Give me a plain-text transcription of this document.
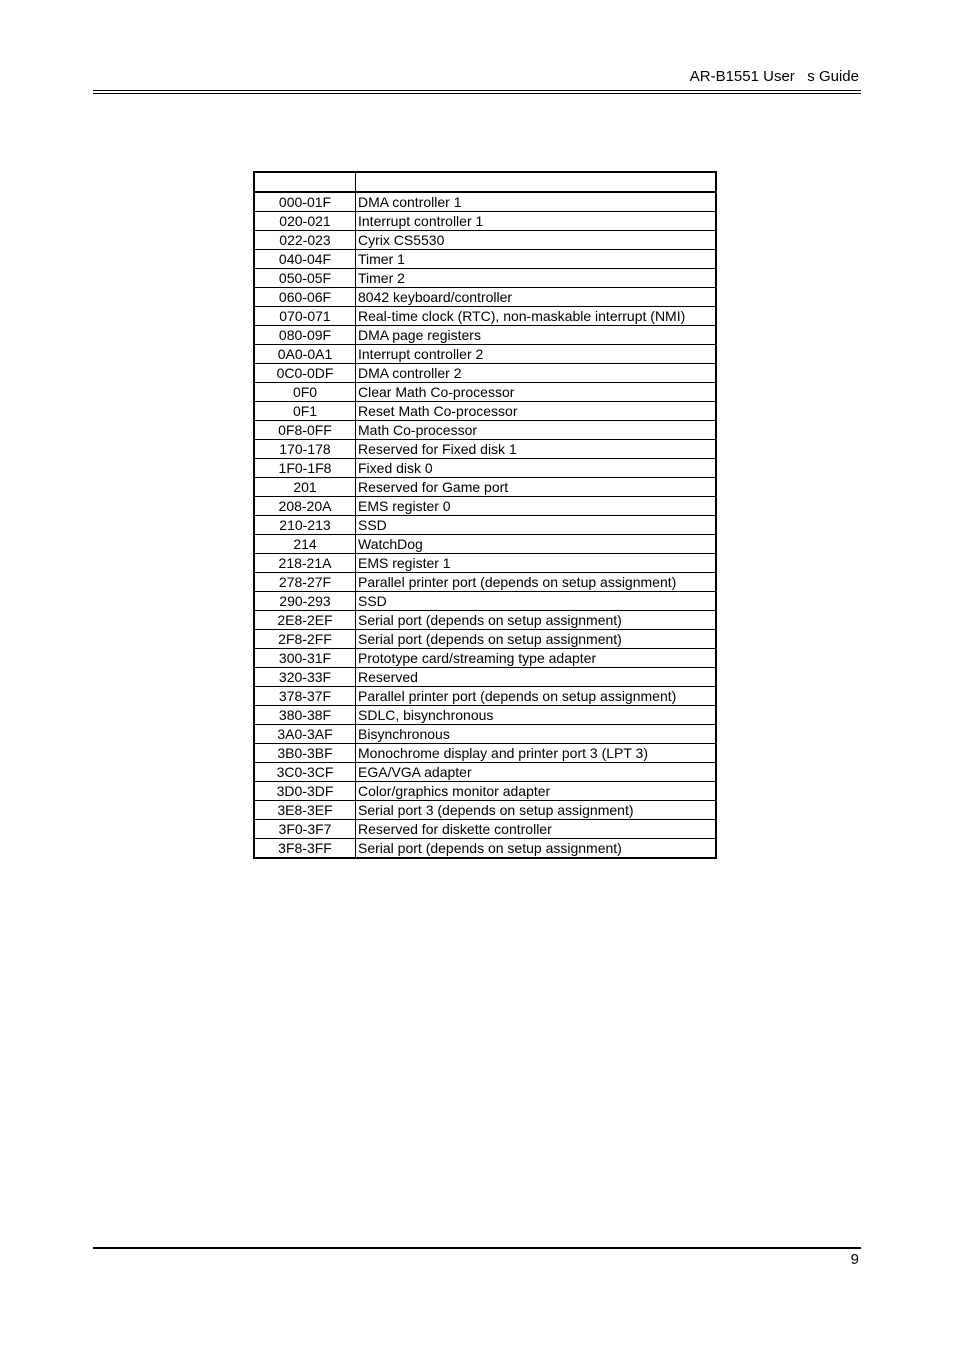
AR-B1551 User   s Guide

000-01F	DMA controller 1
020-021	Interrupt controller 1
022-023	Cyrix CS5530
040-04F	Timer 1
050-05F	Timer 2
060-06F	8042 keyboard/controller
070-071	Real-time clock (RTC), non-maskable interrupt (NMI)
080-09F	DMA page registers
0A0-0A1	Interrupt controller 2
0C0-0DF	DMA controller 2
0F0	Clear Math Co-processor
0F1	Reset Math Co-processor
0F8-0FF	Math Co-processor
170-178	Reserved for Fixed disk 1
1F0-1F8	Fixed disk 0
201	Reserved for Game port
208-20A	EMS register 0
210-213	SSD
214	WatchDog
218-21A	EMS register 1
278-27F	Parallel printer port (depends on setup assignment)
290-293	SSD
2E8-2EF	Serial port (depends on setup assignment)
2F8-2FF	Serial port (depends on setup assignment)
300-31F	Prototype card/streaming type adapter
320-33F	Reserved
378-37F	Parallel printer port (depends on setup assignment)
380-38F	SDLC, bisynchronous
3A0-3AF	Bisynchronous
3B0-3BF	Monochrome display and printer port 3 (LPT 3)
3C0-3CF	EGA/VGA adapter
3D0-3DF	Color/graphics monitor adapter
3E8-3EF	Serial port 3 (depends on setup assignment)
3F0-3F7	Reserved for diskette controller
3F8-3FF	Serial port (depends on setup assignment)
9
